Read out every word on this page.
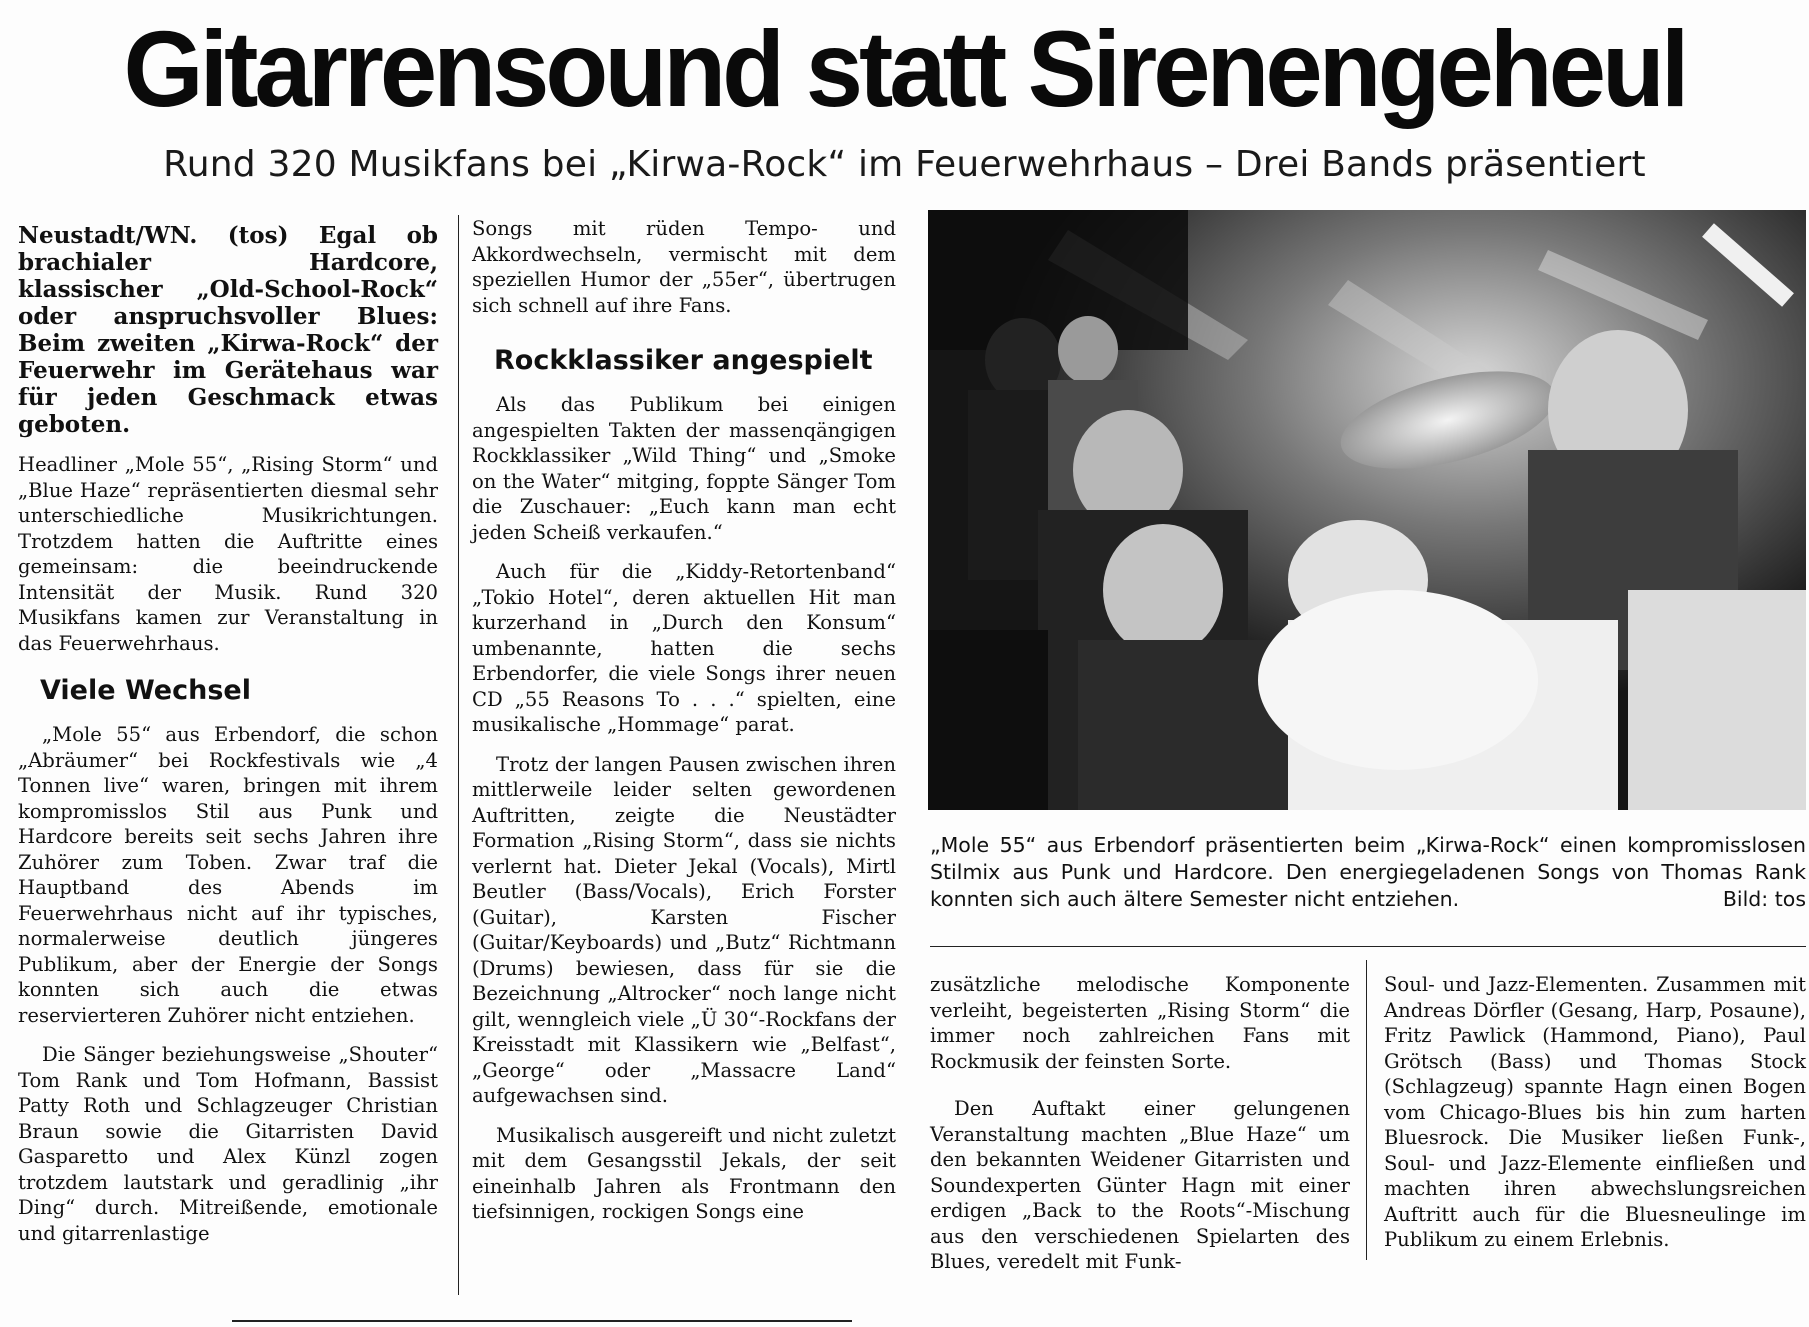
Gitarrensound statt Sirenengeheul
Rund 320 Musikfans bei „Kirwa-Rock“ im Feuerwehrhaus – Drei Bands präsentiert

Neustadt/WN. (tos) Egal ob brachialer Hardcore, klassischer „Old-School-Rock“ oder anspruchsvoller Blues: Beim zweiten „Kirwa-Rock“ der Feuerwehr im Gerätehaus war für jeden Geschmack etwas geboten.

Headliner „Mole 55“, „Rising Storm“ und „Blue Haze“ repräsentierten diesmal sehr unterschiedliche Musikrichtungen. Trotzdem hatten die Auftritte eines gemeinsam: die beeindruckende Intensität der Musik. Rund 320 Musikfans kamen zur Veranstaltung in das Feuerwehrhaus.

Viele Wechsel

„Mole 55“ aus Erbendorf, die schon „Abräumer“ bei Rockfestivals wie „4 Tonnen live“ waren, bringen mit ihrem kompromisslos Stil aus Punk und Hardcore bereits seit sechs Jahren ihre Zuhörer zum Toben. Zwar traf die Hauptband des Abends im Feuerwehrhaus nicht auf ihr typisches, normalerweise deutlich jüngeres Publikum, aber der Energie der Songs konnten sich auch die etwas reservierteren Zuhörer nicht entziehen.

Die Sänger beziehungsweise „Shouter“ Tom Rank und Tom Hofmann, Bassist Patty Roth und Schlagzeuger Christian Braun sowie die Gitarristen David Gasparetto und Alex Künzl zogen trotzdem lautstark und geradlinig „ihr Ding“ durch. Mitreißende, emotionale und gitarrenlastige

Songs mit rüden Tempo- und Akkordwechseln, vermischt mit dem speziellen Humor der „55er“, übertrugen sich schnell auf ihre Fans.

Rockklassiker angespielt

Als das Publikum bei einigen angespielten Takten der massenqängigen Rockklassiker „Wild Thing“ und „Smoke on the Water“ mitging, foppte Sänger Tom die Zuschauer: „Euch kann man echt jeden Scheiß verkaufen.“

Auch für die „Kiddy-Retortenband“ „Tokio Hotel“, deren aktuellen Hit man kurzerhand in „Durch den Konsum“ umbenannte, hatten die sechs Erbendorfer, die viele Songs ihrer neuen CD „55 Reasons To . . .“ spielten, eine musikalische „Hommage“ parat.

Trotz der langen Pausen zwischen ihren mittlerweile leider selten gewordenen Auftritten, zeigte die Neustädter Formation „Rising Storm“, dass sie nichts verlernt hat. Dieter Jekal (Vocals), Mirtl Beutler (Bass/Vocals), Erich Forster (Guitar), Karsten Fischer (Guitar/Keyboards) und „Butz“ Richtmann (Drums) bewiesen, dass für sie die Bezeichnung „Altrocker“ noch lange nicht gilt, wenngleich viele „Ü 30“-Rockfans der Kreisstadt mit Klassikern wie „Belfast“, „George“ oder „Massacre Land“ aufgewachsen sind.

Musikalisch ausgereift und nicht zuletzt mit dem Gesangsstil Jekals, der seit eineinhalb Jahren als Frontmann den tiefsinnigen, rockigen Songs eine

„Mole 55“ aus Erbendorf präsentierten beim „Kirwa-Rock“ einen kompromisslosen Stilmix aus Punk und Hardcore. Den energiegeladenen Songs von Thomas Rank konnten sich auch ältere Semester nicht entziehen.	Bild: tos

zusätzliche melodische Komponente verleiht, begeisterten „Rising Storm“ die immer noch zahlreichen Fans mit Rockmusik der feinsten Sorte.

Den Auftakt einer gelungenen Veranstaltung machten „Blue Haze“ um den bekannten Weidener Gitarristen und Soundexperten Günter Hagn mit einer erdigen „Back to the Roots“-Mischung aus den verschiedenen Spielarten des Blues, veredelt mit Funk-

Soul- und Jazz-Elementen. Zusammen mit Andreas Dörfler (Gesang, Harp, Posaune), Fritz Pawlick (Hammond, Piano), Paul Grötsch (Bass) und Thomas Stock (Schlagzeug) spannte Hagn einen Bogen vom Chicago-Blues bis hin zum harten Bluesrock. Die Musiker ließen Funk-, Soul- und Jazz-Elemente einfließen und machten ihren abwechslungsreichen Auftritt auch für die Bluesneulinge im Publikum zu einem Erlebnis.
